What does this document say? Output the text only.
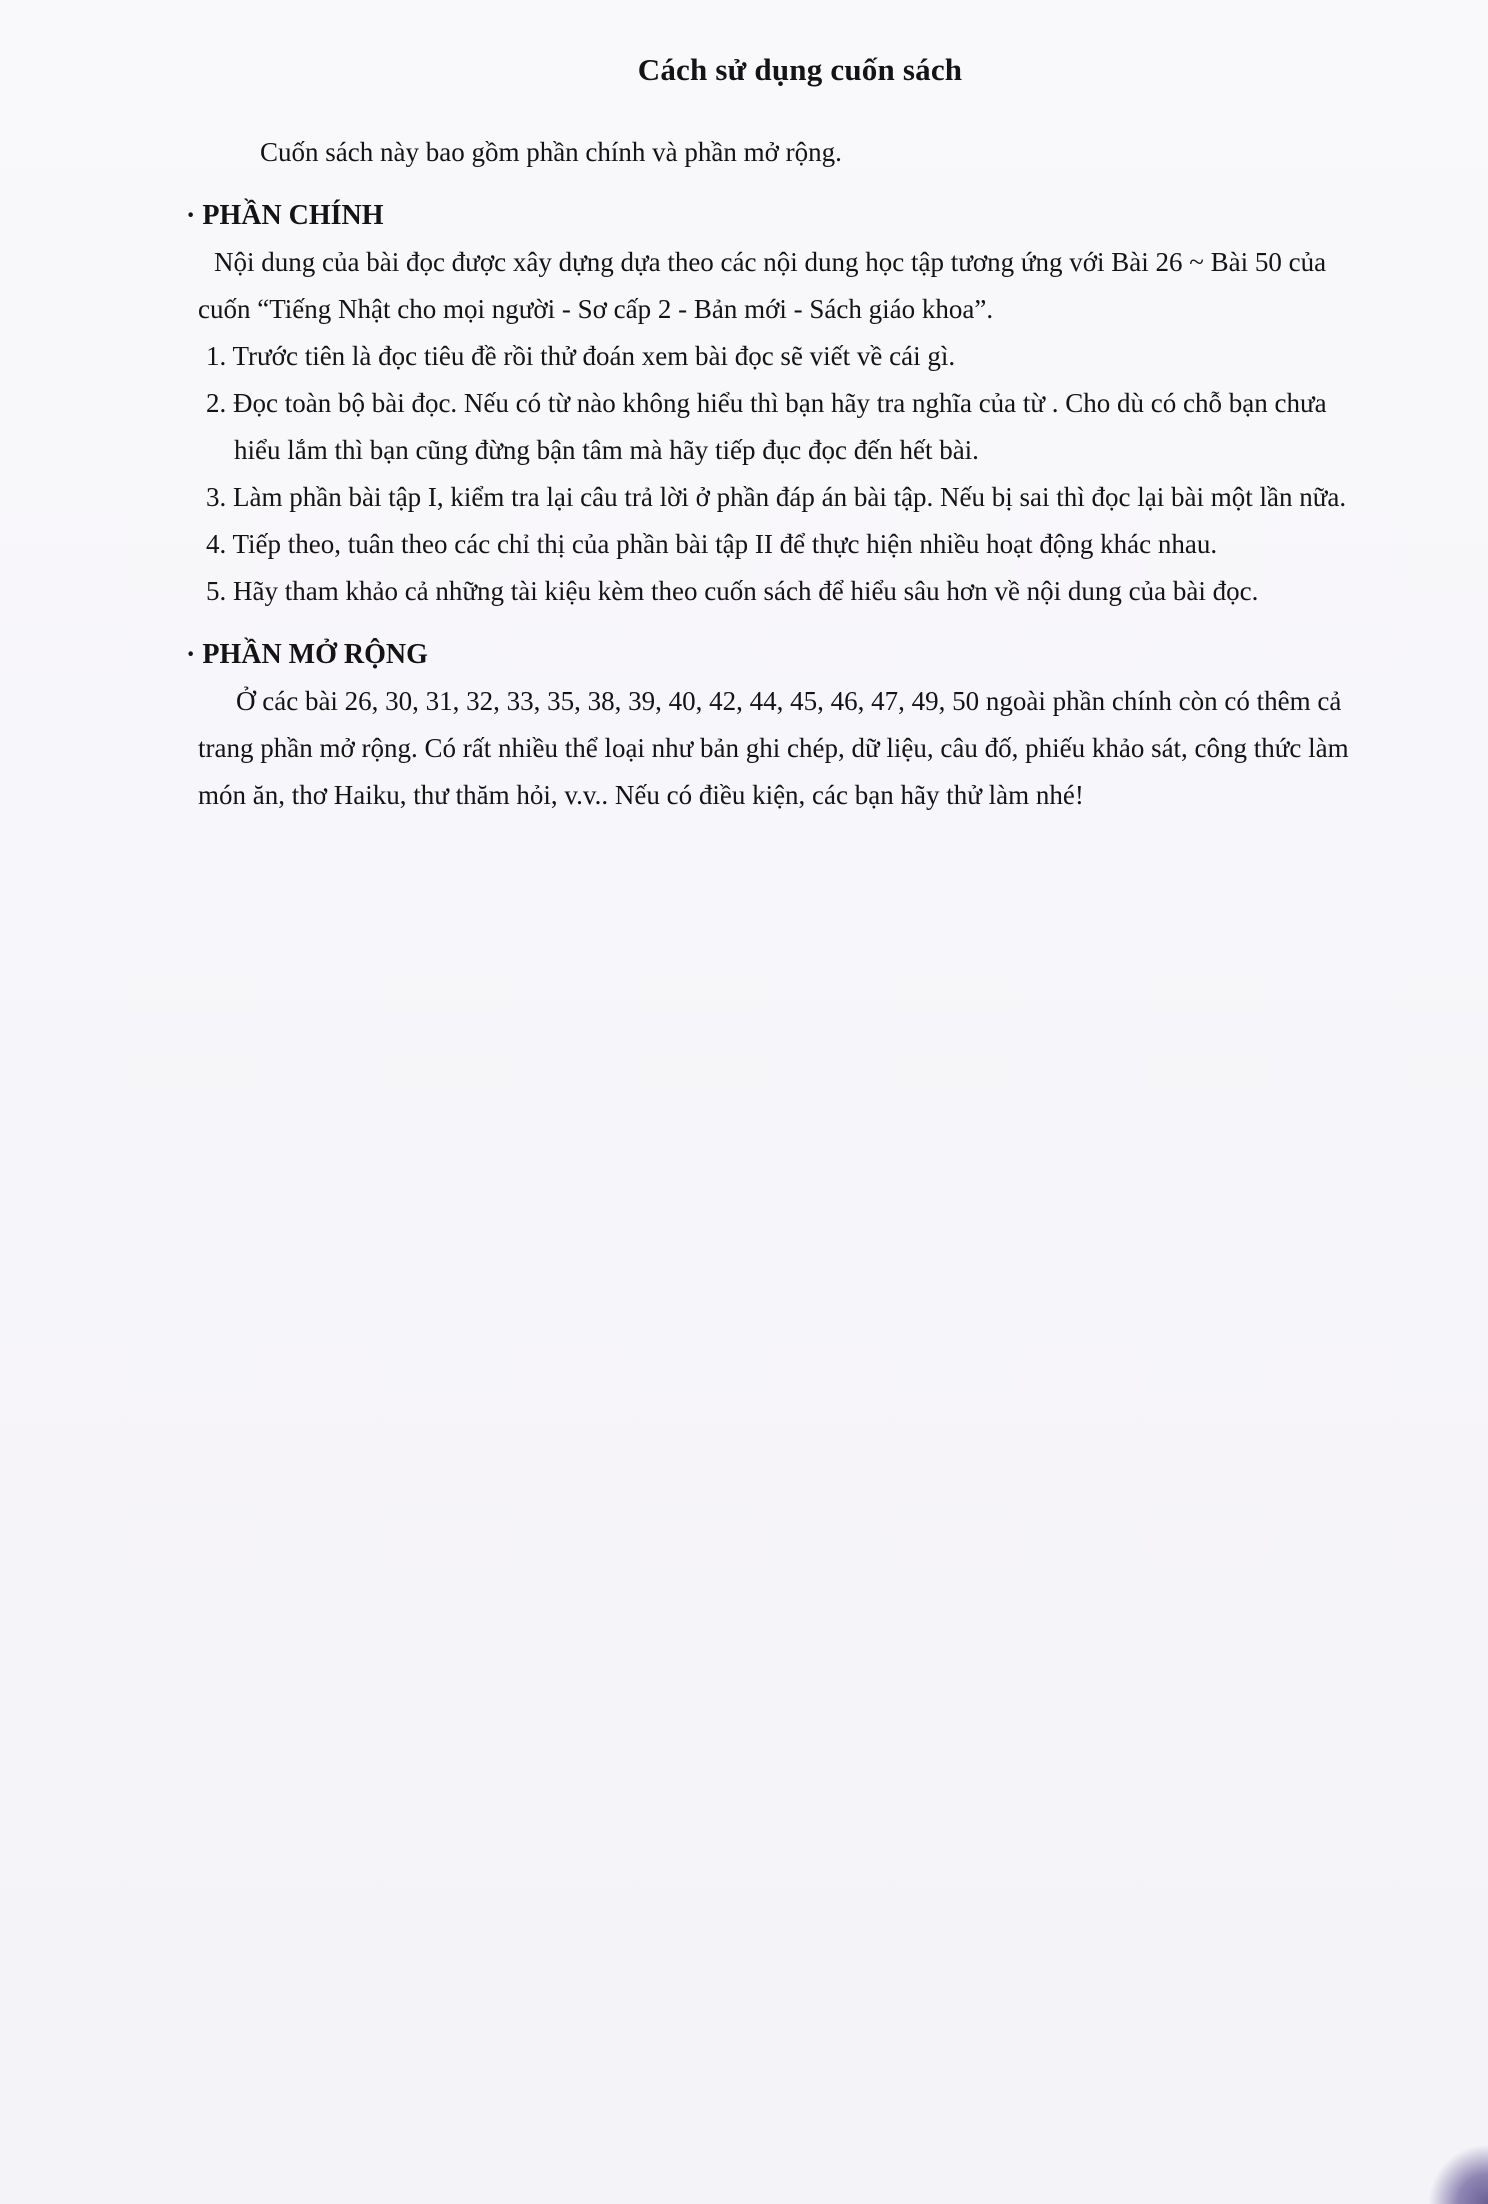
Cách sử dụng cuốn sách

Cuốn sách này bao gồm phần chính và phần mở rộng.

· PHẦN CHÍNH

Nội dung của bài đọc được xây dựng dựa theo các nội dung học tập tương ứng với Bài 26 ~ Bài 50 của cuốn “Tiếng Nhật cho mọi người - Sơ cấp 2 - Bản mới - Sách giáo khoa”.

1. Trước tiên là đọc tiêu đề rồi thử đoán xem bài đọc sẽ viết về cái gì.
2. Đọc toàn bộ bài đọc. Nếu có từ nào không hiểu thì bạn hãy tra nghĩa của từ . Cho dù có chỗ bạn chưa hiểu lắm thì bạn cũng đừng bận tâm mà hãy tiếp đục đọc đến hết bài.
3. Làm phần bài tập I, kiểm tra lại câu trả lời ở phần đáp án bài tập. Nếu bị sai thì đọc lại bài một lần nữa.
4. Tiếp theo, tuân theo các chỉ thị của phần bài tập II để thực hiện nhiều hoạt động khác nhau.
5. Hãy tham khảo cả những tài kiệu kèm theo cuốn sách để hiểu sâu hơn về nội dung của bài đọc.

· PHẦN MỞ RỘNG

Ở các bài 26, 30, 31, 32, 33, 35, 38, 39, 40, 42, 44, 45, 46, 47, 49, 50 ngoài phần chính còn có thêm cả trang phần mở rộng. Có rất nhiều thể loại như bản ghi chép, dữ liệu, câu đố, phiếu khảo sát, công thức làm món ăn, thơ Haiku, thư thăm hỏi, v.v.. Nếu có điều kiện, các bạn hãy thử làm nhé!
